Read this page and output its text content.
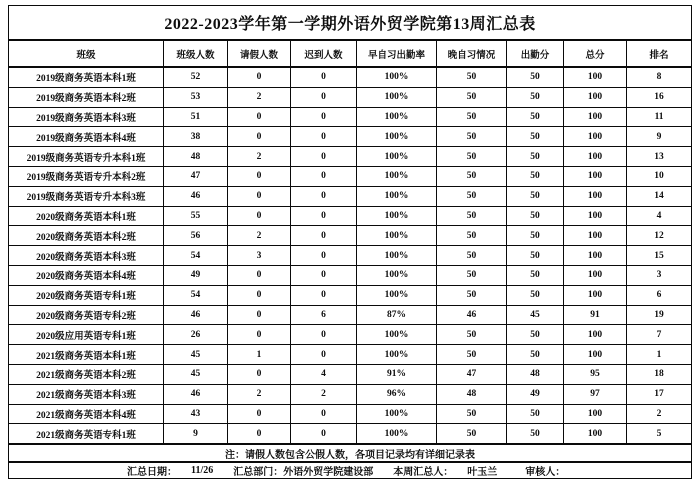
2022-2023学年第一学期外语外贸学院第13周汇总表								
班级	班级人数	请假人数	迟到人数	早自习出勤率	晚自习情况	出勤分	总分	排名
2019级商务英语本科1班	52	0	0	100%	50	50	100	8
2019级商务英语本科2班	53	2	0	100%	50	50	100	16
2019级商务英语本科3班	51	0	0	100%	50	50	100	11
2019级商务英语本科4班	38	0	0	100%	50	50	100	9
2019级商务英语专升本科1班	48	2	0	100%	50	50	100	13
2019级商务英语专升本科2班	47	0	0	100%	50	50	100	10
2019级商务英语专升本科3班	46	0	0	100%	50	50	100	14
2020级商务英语本科1班	55	0	0	100%	50	50	100	4
2020级商务英语本科2班	56	2	0	100%	50	50	100	12
2020级商务英语本科3班	54	3	0	100%	50	50	100	15
2020级商务英语本科4班	49	0	0	100%	50	50	100	3
2020级商务英语专科1班	54	0	0	100%	50	50	100	6
2020级商务英语专科2班	46	0	6	87%	46	45	91	19
2020级应用英语专科1班	26	0	0	100%	50	50	100	7
2021级商务英语本科1班	45	1	0	100%	50	50	100	1
2021级商务英语本科2班	45	0	4	91%	47	48	95	18
2021级商务英语本科3班	46	2	2	96%	48	49	97	17
2021级商务英语本科4班	43	0	0	100%	50	50	100	2
2021级商务英语专科1班	9	0	0	100%	50	50	100	5
注：请假人数包含公假人数，各项目记录均有详细记录表								

汇总日期： 11/26 汇总部门： 外语外贸学院建设部 本周汇总人： 叶玉兰	审核人：
